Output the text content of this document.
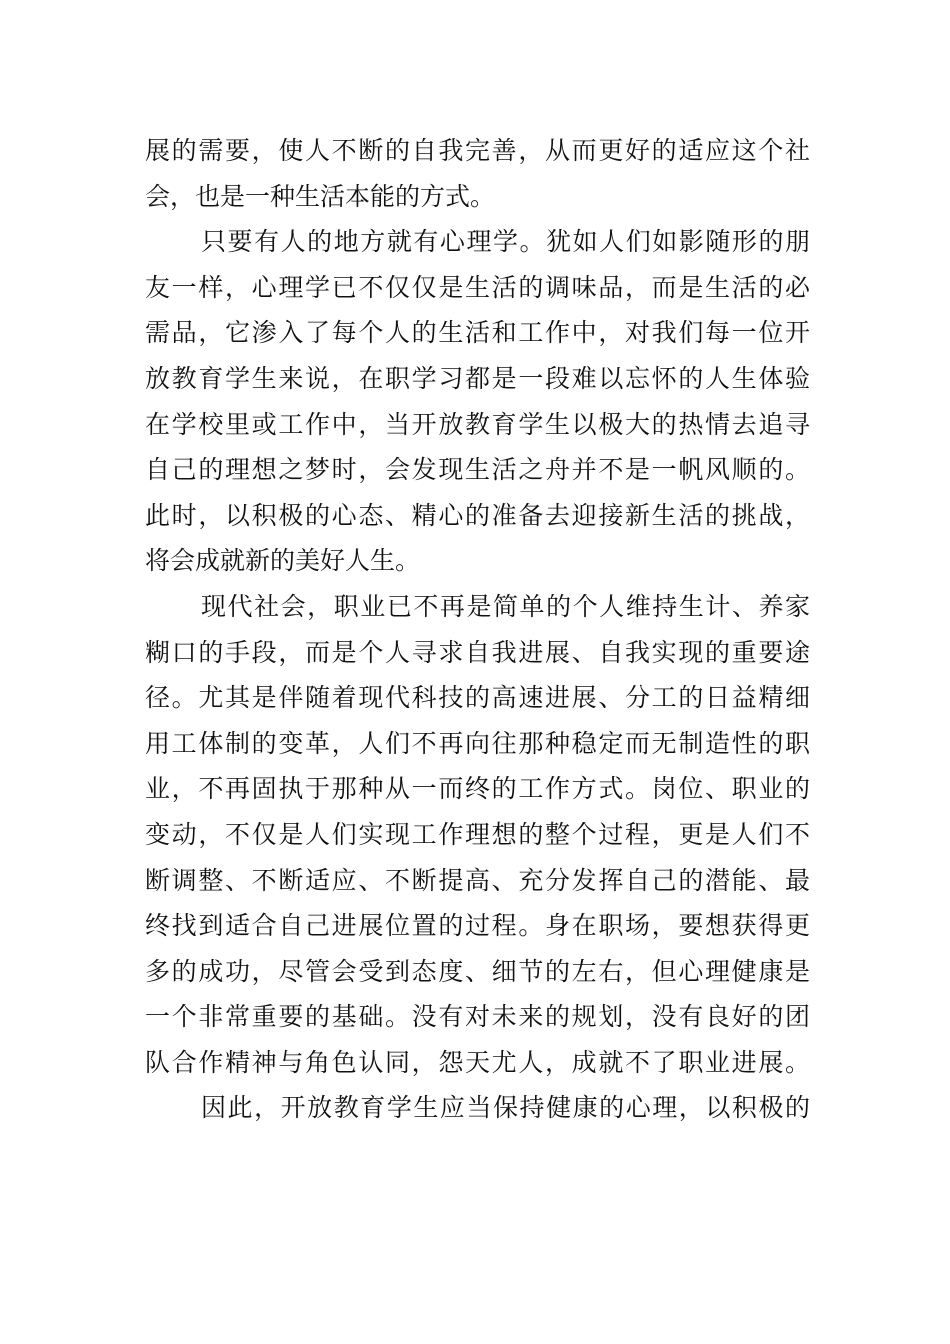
展的需要，使人不断的自我完善，从而更好的适应这个社
会，也是一种生活本能的方式。
只要有人的地方就有心理学。犹如人们如影随形的朋
友一样，心理学已不仅仅是生活的调味品，而是生活的必
需品，它渗入了每个人的生活和工作中，对我们每一位开
放教育学生来说，在职学习都是一段难以忘怀的人生体验
在学校里或工作中，当开放教育学生以极大的热情去追寻
自己的理想之梦时，会发现生活之舟并不是一帆风顺的。
此时，以积极的心态、精心的准备去迎接新生活的挑战，
将会成就新的美好人生。
现代社会，职业已不再是简单的个人维持生计、养家
糊口的手段，而是个人寻求自我进展、自我实现的重要途
径。尤其是伴随着现代科技的高速进展、分工的日益精细
用工体制的变革，人们不再向往那种稳定而无制造性的职
业，不再固执于那种从一而终的工作方式。岗位、职业的
变动，不仅是人们实现工作理想的整个过程，更是人们不
断调整、不断适应、不断提高、充分发挥自己的潜能、最
终找到适合自己进展位置的过程。身在职场，要想获得更
多的成功，尽管会受到态度、细节的左右，但心理健康是
一个非常重要的基础。没有对未来的规划，没有良好的团
队合作精神与角色认同，怨天尤人，成就不了职业进展。
因此，开放教育学生应当保持健康的心理，以积极的
